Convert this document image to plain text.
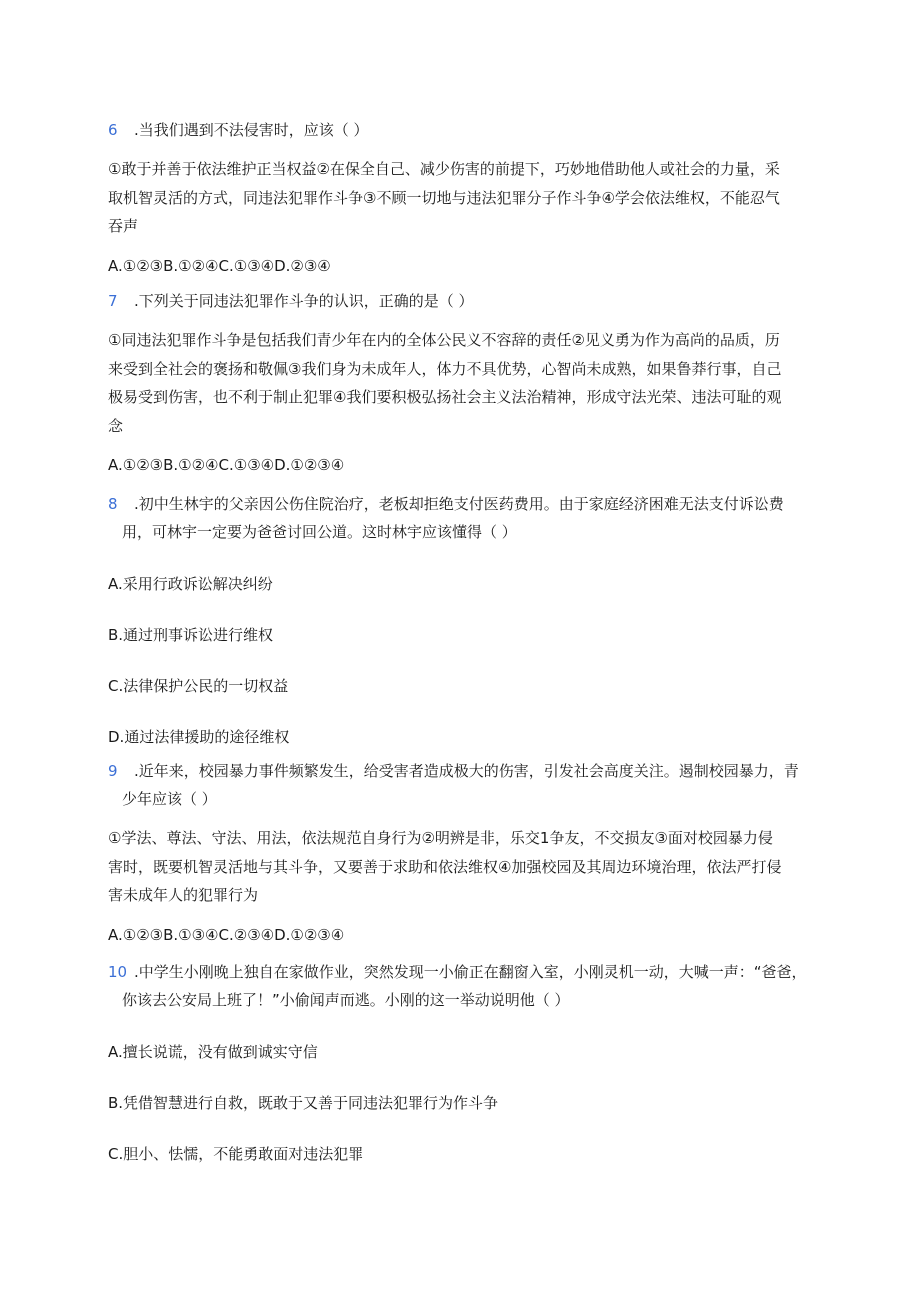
6 .当我们遇到不法侵害时，应该（ ）
①敢于并善于依法维护正当权益②在保全自己、减少伤害的前提下，巧妙地借助他人或社会的力量，采
取机智灵活的方式，同违法犯罪作斗争③不顾一切地与违法犯罪分子作斗争④学会依法维权，不能忍气
吞声
A.①②③B.①②④C.①③④D.②③④
7 .下列关于同违法犯罪作斗争的认识，正确的是（ ）
①同违法犯罪作斗争是包括我们青少年在内的全体公民义不容辞的责任②见义勇为作为高尚的品质，历
来受到全社会的褒扬和敬佩③我们身为未成年人，体力不具优势，心智尚未成熟，如果鲁莽行事，自己
极易受到伤害，也不利于制止犯罪④我们要积极弘扬社会主义法治精神，形成守法光荣、违法可耻的观
念
A.①②③B.①②④C.①③④D.①②③④
8 .初中生林宇的父亲因公伤住院治疗，老板却拒绝支付医药费用。由于家庭经济困难无法支付诉讼费
用，可林宇一定要为爸爸讨回公道。这时林宇应该懂得（ ）
A.采用行政诉讼解决纠纷
B.通过刑事诉讼进行维权
C.法律保护公民的一切权益
D.通过法律援助的途径维权
9 .近年来，校园暴力事件频繁发生，给受害者造成极大的伤害，引发社会高度关注。遏制校园暴力，青
少年应该（ ）
①学法、尊法、守法、用法，依法规范自身行为②明辨是非，乐交1争友，不交损友③面对校园暴力侵
害时，既要机智灵活地与其斗争，又要善于求助和依法维权④加强校园及其周边环境治理，依法严打侵
害未成年人的犯罪行为
A.①②③B.①③④C.②③④D.①②③④
10 .中学生小刚晚上独自在家做作业，突然发现一小偷正在翻窗入室，小刚灵机一动，大喊一声：“爸爸，
你该去公安局上班了！”小偷闻声而逃。小刚的这一举动说明他（ ）
A.擅长说谎，没有做到诚实守信
B.凭借智慧进行自救，既敢于又善于同违法犯罪行为作斗争
C.胆小、怯懦，不能勇敢面对违法犯罪
